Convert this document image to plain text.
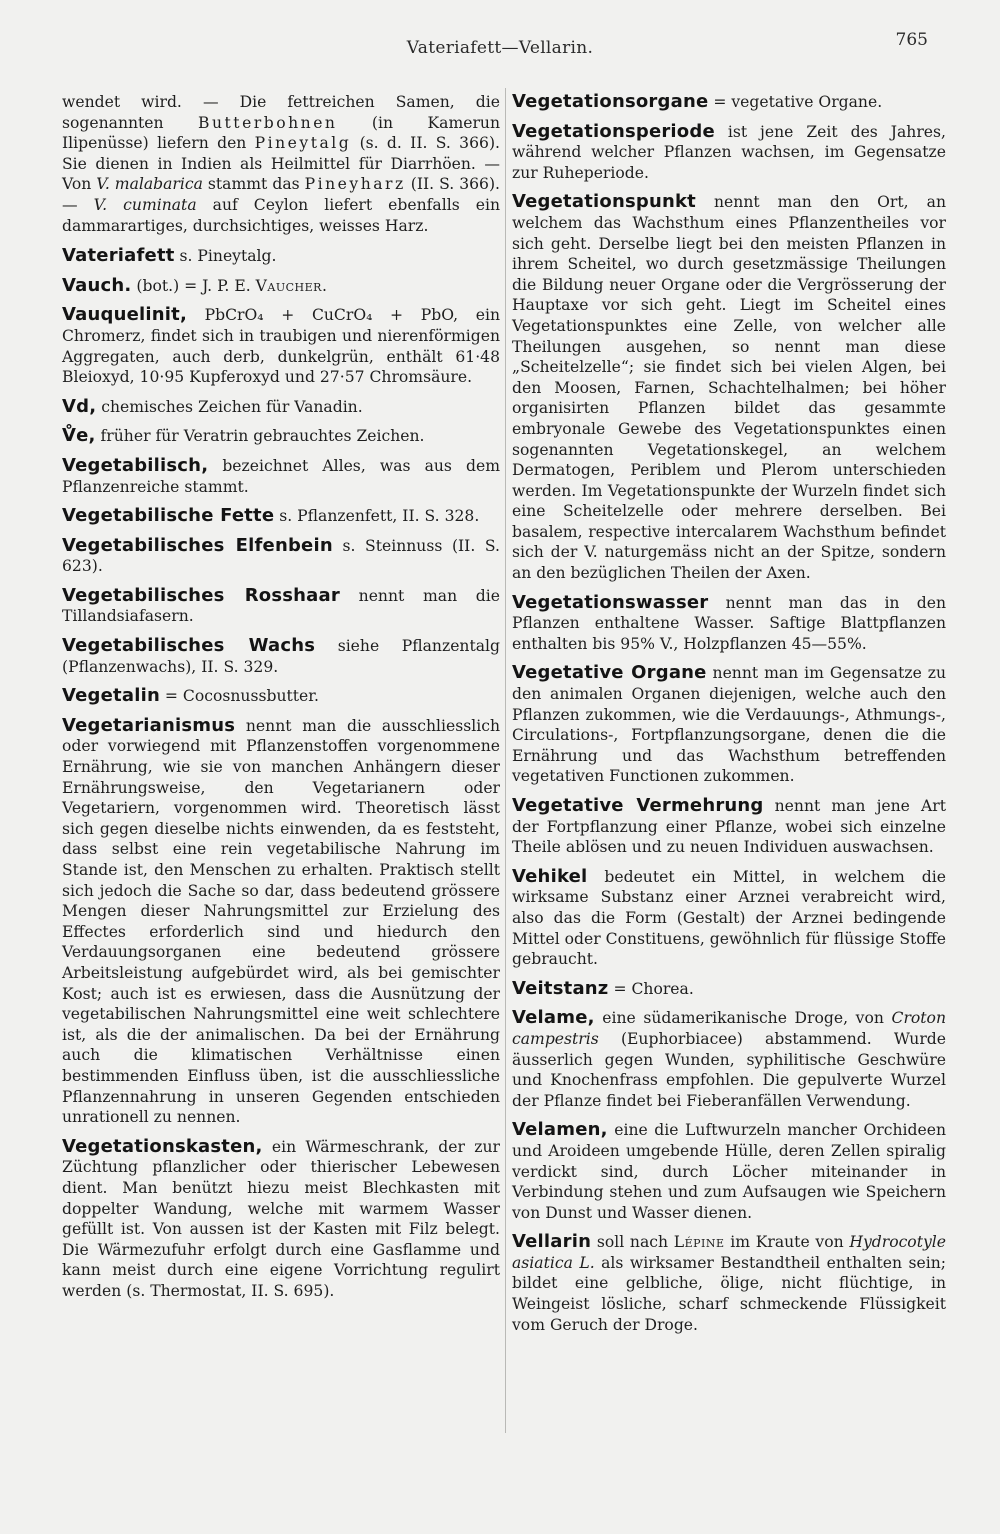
Vateriafett—Vellarin.	765

wendet wird. — Die fettreichen Samen, die sogenannten Butterbohnen (in Kamerun Ilipenüsse) liefern den Pineytalg (s. d. II. S. 366). Sie dienen in Indien als Heilmittel für Diarrhöen. — Von V. malabarica stammt das Pineyharz (II. S. 366). — V. cuminata auf Ceylon liefert ebenfalls ein dammarartiges, durchsichtiges, weisses Harz.

Vateriafett s. Pineytalg.

Vauch. (bot.) = J. P. E. Vaucher.

Vauquelinit, PbCrO₄ + CuCrO₄ + PbO, ein Chromerz, findet sich in traubigen und nierenförmigen Aggregaten, auch derb, dunkelgrün, enthält 61·48 Bleioxyd, 10·95 Kupferoxyd und 27·57 Chromsäure.

Vd, chemisches Zeichen für Vanadin.

V̊e, früher für Veratrin gebrauchtes Zeichen.

Vegetabilisch, bezeichnet Alles, was aus dem Pflanzenreiche stammt.

Vegetabilische Fette s. Pflanzenfett, II. S. 328.

Vegetabilisches Elfenbein s. Steinnuss (II. S. 623).

Vegetabilisches Rosshaar nennt man die Tillandsiafasern.

Vegetabilisches Wachs siehe Pflanzentalg (Pflanzenwachs), II. S. 329.

Vegetalin = Cocosnussbutter.

Vegetarianismus nennt man die ausschliesslich oder vorwiegend mit Pflanzenstoffen vorgenommene Ernährung, wie sie von manchen Anhängern dieser Ernährungsweise, den Vegetarianern oder Vegetariern, vorgenommen wird. Theoretisch lässt sich gegen dieselbe nichts einwenden, da es feststeht, dass selbst eine rein vegetabilische Nahrung im Stande ist, den Menschen zu erhalten. Praktisch stellt sich jedoch die Sache so dar, dass bedeutend grössere Mengen dieser Nahrungsmittel zur Erzielung des Effectes erforderlich sind und hiedurch den Verdauungsorganen eine bedeutend grössere Arbeitsleistung aufgebürdet wird, als bei gemischter Kost; auch ist es erwiesen, dass die Ausnützung der vegetabilischen Nahrungsmittel eine weit schlechtere ist, als die der animalischen. Da bei der Ernährung auch die klimatischen Verhältnisse einen bestimmenden Einfluss üben, ist die ausschliessliche Pflanzennahrung in unseren Gegenden entschieden unrationell zu nennen.

Vegetationskasten, ein Wärmeschrank, der zur Züchtung pflanzlicher oder thierischer Lebewesen dient. Man benützt hiezu meist Blechkasten mit doppelter Wandung, welche mit warmem Wasser gefüllt ist. Von aussen ist der Kasten mit Filz belegt. Die Wärmezufuhr erfolgt durch eine Gasflamme und kann meist durch eine eigene Vorrichtung regulirt werden (s. Thermostat, II. S. 695).

Vegetationsorgane = vegetative Organe.

Vegetationsperiode ist jene Zeit des Jahres, während welcher Pflanzen wachsen, im Gegensatze zur Ruheperiode.

Vegetationspunkt nennt man den Ort, an welchem das Wachsthum eines Pflanzentheiles vor sich geht. Derselbe liegt bei den meisten Pflanzen in ihrem Scheitel, wo durch gesetzmässige Theilungen die Bildung neuer Organe oder die Vergrösserung der Hauptaxe vor sich geht. Liegt im Scheitel eines Vegetationspunktes eine Zelle, von welcher alle Theilungen ausgehen, so nennt man diese „Scheitelzelle“; sie findet sich bei vielen Algen, bei den Moosen, Farnen, Schachtelhalmen; bei höher organisirten Pflanzen bildet das gesammte embryonale Gewebe des Vegetationspunktes einen sogenannten Vegetationskegel, an welchem Dermatogen, Periblem und Plerom unterschieden werden. Im Vegetationspunkte der Wurzeln findet sich eine Scheitelzelle oder mehrere derselben. Bei basalem, respective intercalarem Wachsthum befindet sich der V. naturgemäss nicht an der Spitze, sondern an den bezüglichen Theilen der Axen.

Vegetationswasser nennt man das in den Pflanzen enthaltene Wasser. Saftige Blattpflanzen enthalten bis 95% V., Holzpflanzen 45—55%.

Vegetative Organe nennt man im Gegensatze zu den animalen Organen diejenigen, welche auch den Pflanzen zukommen, wie die Verdauungs-, Athmungs-, Circulations-, Fortpflanzungsorgane, denen die die Ernährung und das Wachsthum betreffenden vegetativen Functionen zukommen.

Vegetative Vermehrung nennt man jene Art der Fortpflanzung einer Pflanze, wobei sich einzelne Theile ablösen und zu neuen Individuen auswachsen.

Vehikel bedeutet ein Mittel, in welchem die wirksame Substanz einer Arznei verabreicht wird, also das die Form (Gestalt) der Arznei bedingende Mittel oder Constituens, gewöhnlich für flüssige Stoffe gebraucht.

Veitstanz = Chorea.

Velame, eine südamerikanische Droge, von Croton campestris (Euphorbiacee) abstammend. Wurde äusserlich gegen Wunden, syphilitische Geschwüre und Knochenfrass empfohlen. Die gepulverte Wurzel der Pflanze findet bei Fieberanfällen Verwendung.

Velamen, eine die Luftwurzeln mancher Orchideen und Aroideen umgebende Hülle, deren Zellen spiralig verdickt sind, durch Löcher miteinander in Verbindung stehen und zum Aufsaugen wie Speichern von Dunst und Wasser dienen.

Vellarin soll nach Lépine im Kraute von Hydrocotyle asiatica L. als wirksamer Bestandtheil enthalten sein; bildet eine gelbliche, ölige, nicht flüchtige, in Weingeist lösliche, scharf schmeckende Flüssigkeit vom Geruch der Droge.
